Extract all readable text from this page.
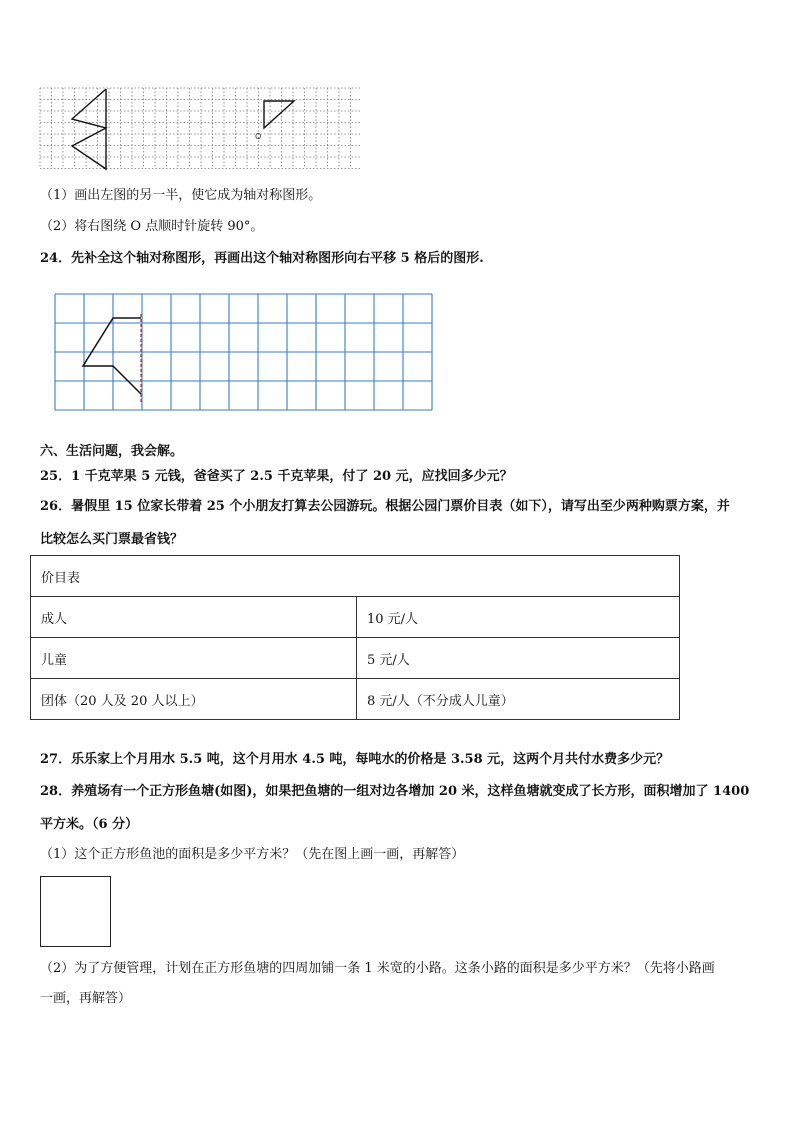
O
（1）画出左图的另一半，使它成为轴对称图形。
（2）将右图绕 O 点顺时针旋转 90°。
24．先补全这个轴对称图形，再画出这个轴对称图形向右平移 5 格后的图形.
六、生活问题，我会解。
25．1 千克苹果 5 元钱，爸爸买了 2.5 千克苹果，付了 20 元，应找回多少元？
26．暑假里 15 位家长带着 25 个小朋友打算去公园游玩。根据公园门票价目表（如下），请写出至少两种购票方案，并
比较怎么买门票最省钱？
价目表	
成人	10 元/人
儿童	5 元/人
团体（20 人及 20 人以上）	8 元/人（不分成人儿童）
27．乐乐家上个月用水 5.5 吨，这个月用水 4.5 吨，每吨水的价格是 3.58 元，这两个月共付水费多少元？
28．养殖场有一个正方形鱼塘(如图)，如果把鱼塘的一组对边各增加 20 米，这样鱼塘就变成了长方形，面积增加了 1400
平方米。（6 分）
（1）这个正方形鱼池的面积是多少平方米？（先在图上画一画，再解答）
（2）为了方便管理，计划在正方形鱼塘的四周加铺一条 1 米宽的小路。这条小路的面积是多少平方米？（先将小路画
一画，再解答）
